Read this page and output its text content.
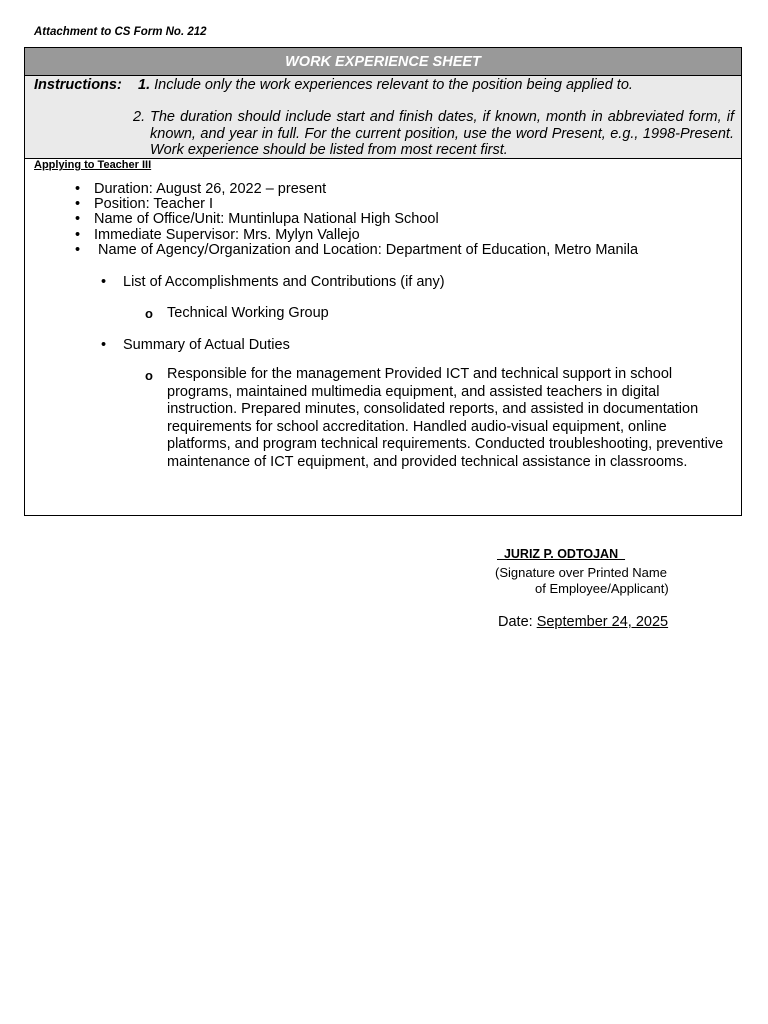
Attachment to CS Form No. 212
WORK EXPERIENCE SHEET
Instructions: 1. Include only the work experiences relevant to the position being applied to.
2. The duration should include start and finish dates, if known, month in abbreviated form, if known, and year in full. For the current position, use the word Present, e.g., 1998-Present. Work experience should be listed from most recent first.
Applying to Teacher III
• Duration: August 26, 2022 – present
• Position: Teacher I
• Name of Office/Unit: Muntinlupa National High School
• Immediate Supervisor: Mrs. Mylyn Vallejo
• Name of Agency/Organization and Location: Department of Education, Metro Manila
• List of Accomplishments and Contributions (if any)
o Technical Working Group
• Summary of Actual Duties
o Responsible for the management Provided ICT and technical support in school programs, maintained multimedia equipment, and assisted teachers in digital instruction. Prepared minutes, consolidated reports, and assisted in documentation requirements for school accreditation. Handled audio-visual equipment, online platforms, and program technical requirements. Conducted troubleshooting, preventive maintenance of ICT equipment, and provided technical assistance in classrooms.
JURIZ P. ODTOJAN
(Signature over Printed Name
of Employee/Applicant)
Date: September 24, 2025
